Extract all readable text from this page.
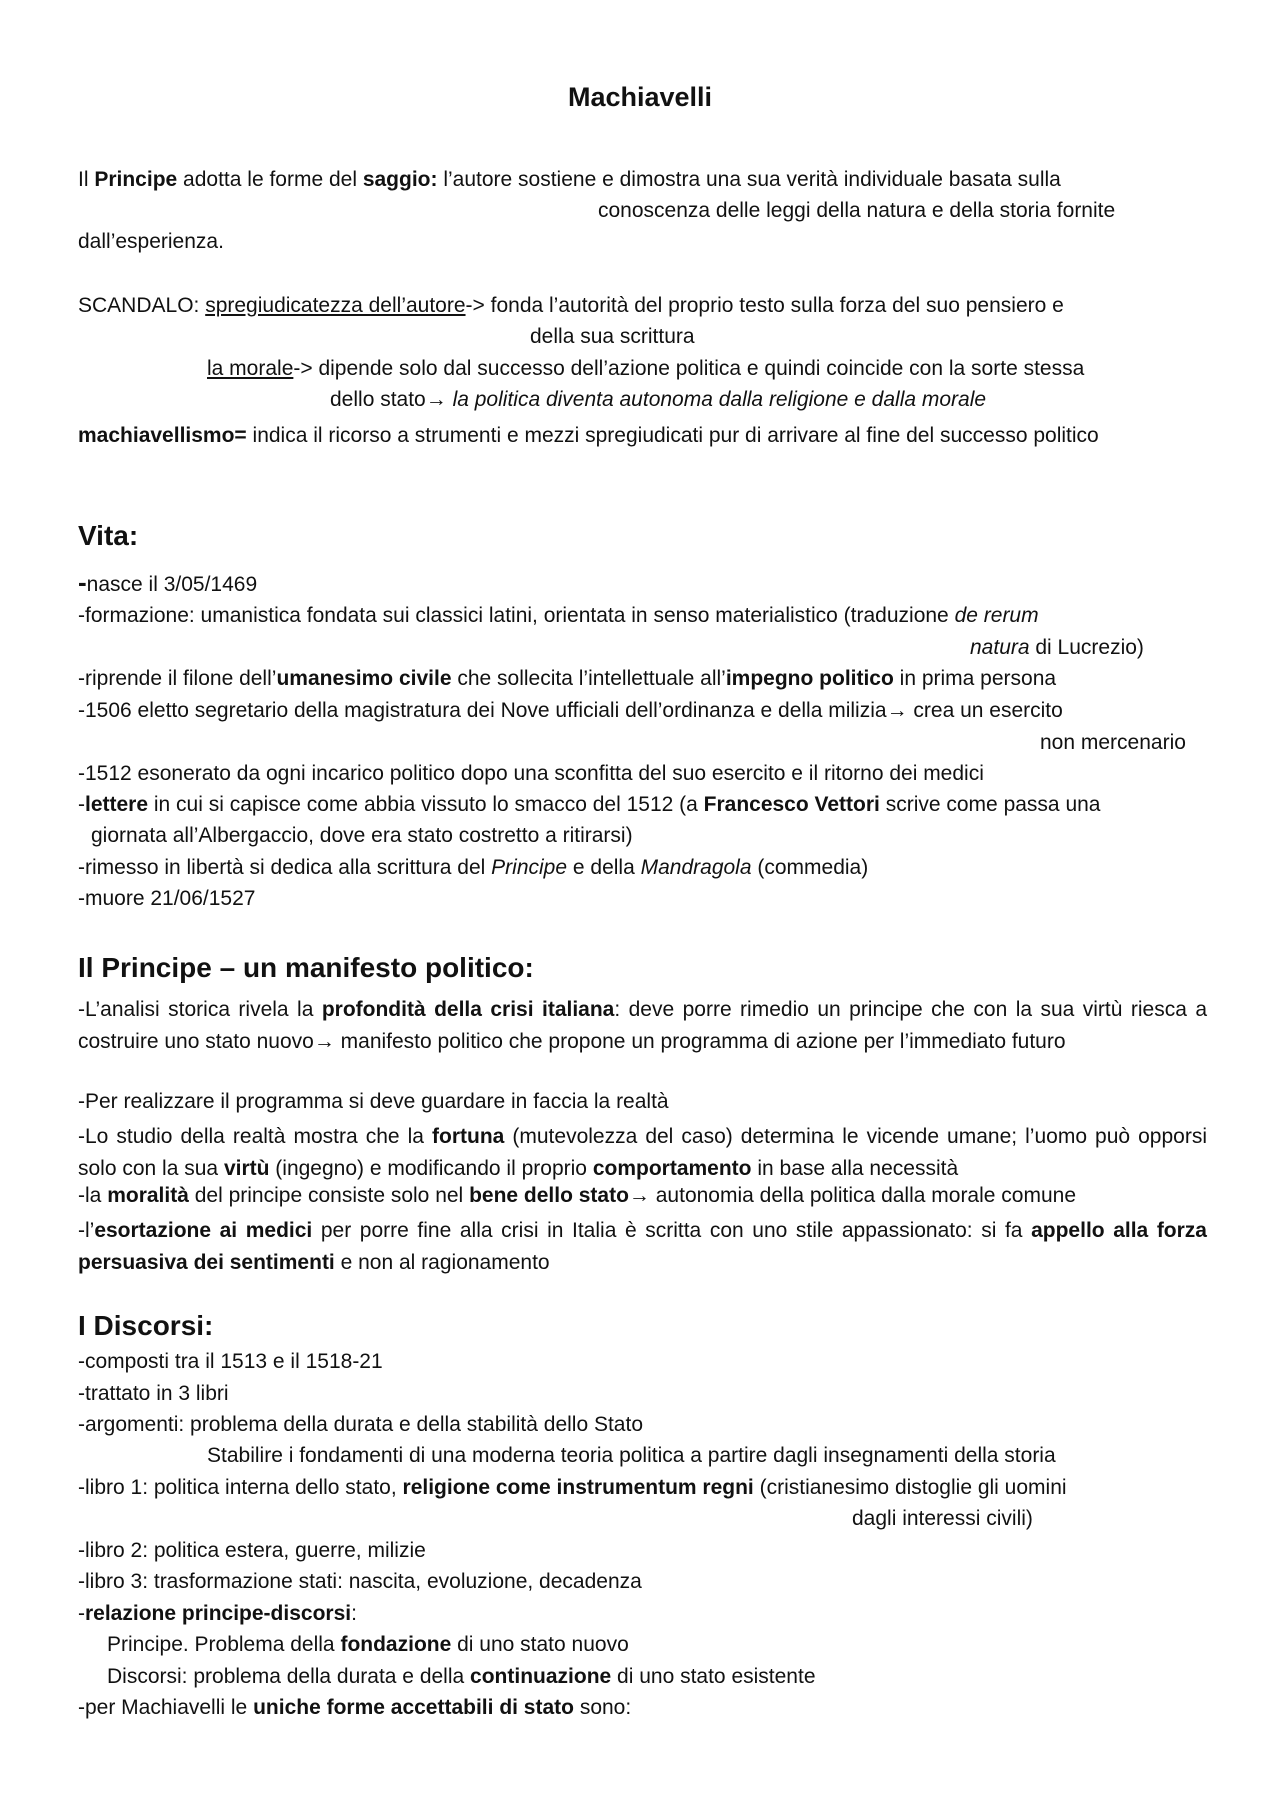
Machiavelli
Il Principe adotta le forme del saggio: l’autore sostiene e dimostra una sua verità individuale basata sulla
conoscenza delle leggi della natura e della storia fornite
dall’esperienza.
SCANDALO: spregiudicatezza dell’autore-> fonda l’autorità del proprio testo sulla forza del suo pensiero e
della sua scrittura
la morale-> dipende solo dal successo dell’azione politica e quindi coincide con la sorte stessa
dello stato→ la politica diventa autonoma dalla religione e dalla morale
machiavellismo= indica il ricorso a strumenti e mezzi spregiudicati pur di arrivare al fine del successo politico
Vita:
-nasce il 3/05/1469
-formazione: umanistica fondata sui classici latini, orientata in senso materialistico (traduzione de rerum
natura di Lucrezio)
-riprende il filone dell’umanesimo civile che sollecita l’intellettuale all’impegno politico in prima persona
-1506 eletto segretario della magistratura dei Nove ufficiali dell’ordinanza e della milizia→ crea un esercito
non mercenario
-1512 esonerato da ogni incarico politico dopo una sconfitta del suo esercito e il ritorno dei medici
-lettere in cui si capisce come abbia vissuto lo smacco del 1512 (a Francesco Vettori scrive come passa una
giornata all’Albergaccio, dove era stato costretto a ritirarsi)
-rimesso in libertà si dedica alla scrittura del Principe e della Mandragola (commedia)
-muore 21/06/1527
Il Principe – un manifesto politico:
-L’analisi storica rivela la profondità della crisi italiana: deve porre rimedio un principe che con la sua virtù riesca a costruire uno stato nuovo→ manifesto politico che propone un programma di azione per l’immediato futuro
-Per realizzare il programma si deve guardare in faccia la realtà
-Lo studio della realtà mostra che la fortuna (mutevolezza del caso) determina le vicende umane; l’uomo può opporsi solo con la sua virtù (ingegno) e modificando il proprio comportamento in base alla necessità
-la moralità del principe consiste solo nel bene dello stato→ autonomia della politica dalla morale comune
-l’esortazione ai medici per porre fine alla crisi in Italia è scritta con uno stile appassionato: si fa appello alla forza persuasiva dei sentimenti e non al ragionamento
I Discorsi:
-composti tra il 1513 e il 1518-21
-trattato in 3 libri
-argomenti: problema della durata e della stabilità dello Stato
Stabilire i fondamenti di una moderna teoria politica a partire dagli insegnamenti della storia
-libro 1: politica interna dello stato, religione come instrumentum regni (cristianesimo distoglie gli uomini
dagli interessi civili)
-libro 2: politica estera, guerre, milizie
-libro 3: trasformazione stati: nascita, evoluzione, decadenza
-relazione principe-discorsi:
Principe. Problema della fondazione di uno stato nuovo
Discorsi: problema della durata e della continuazione di uno stato esistente
-per Machiavelli le uniche forme accettabili di stato sono:
